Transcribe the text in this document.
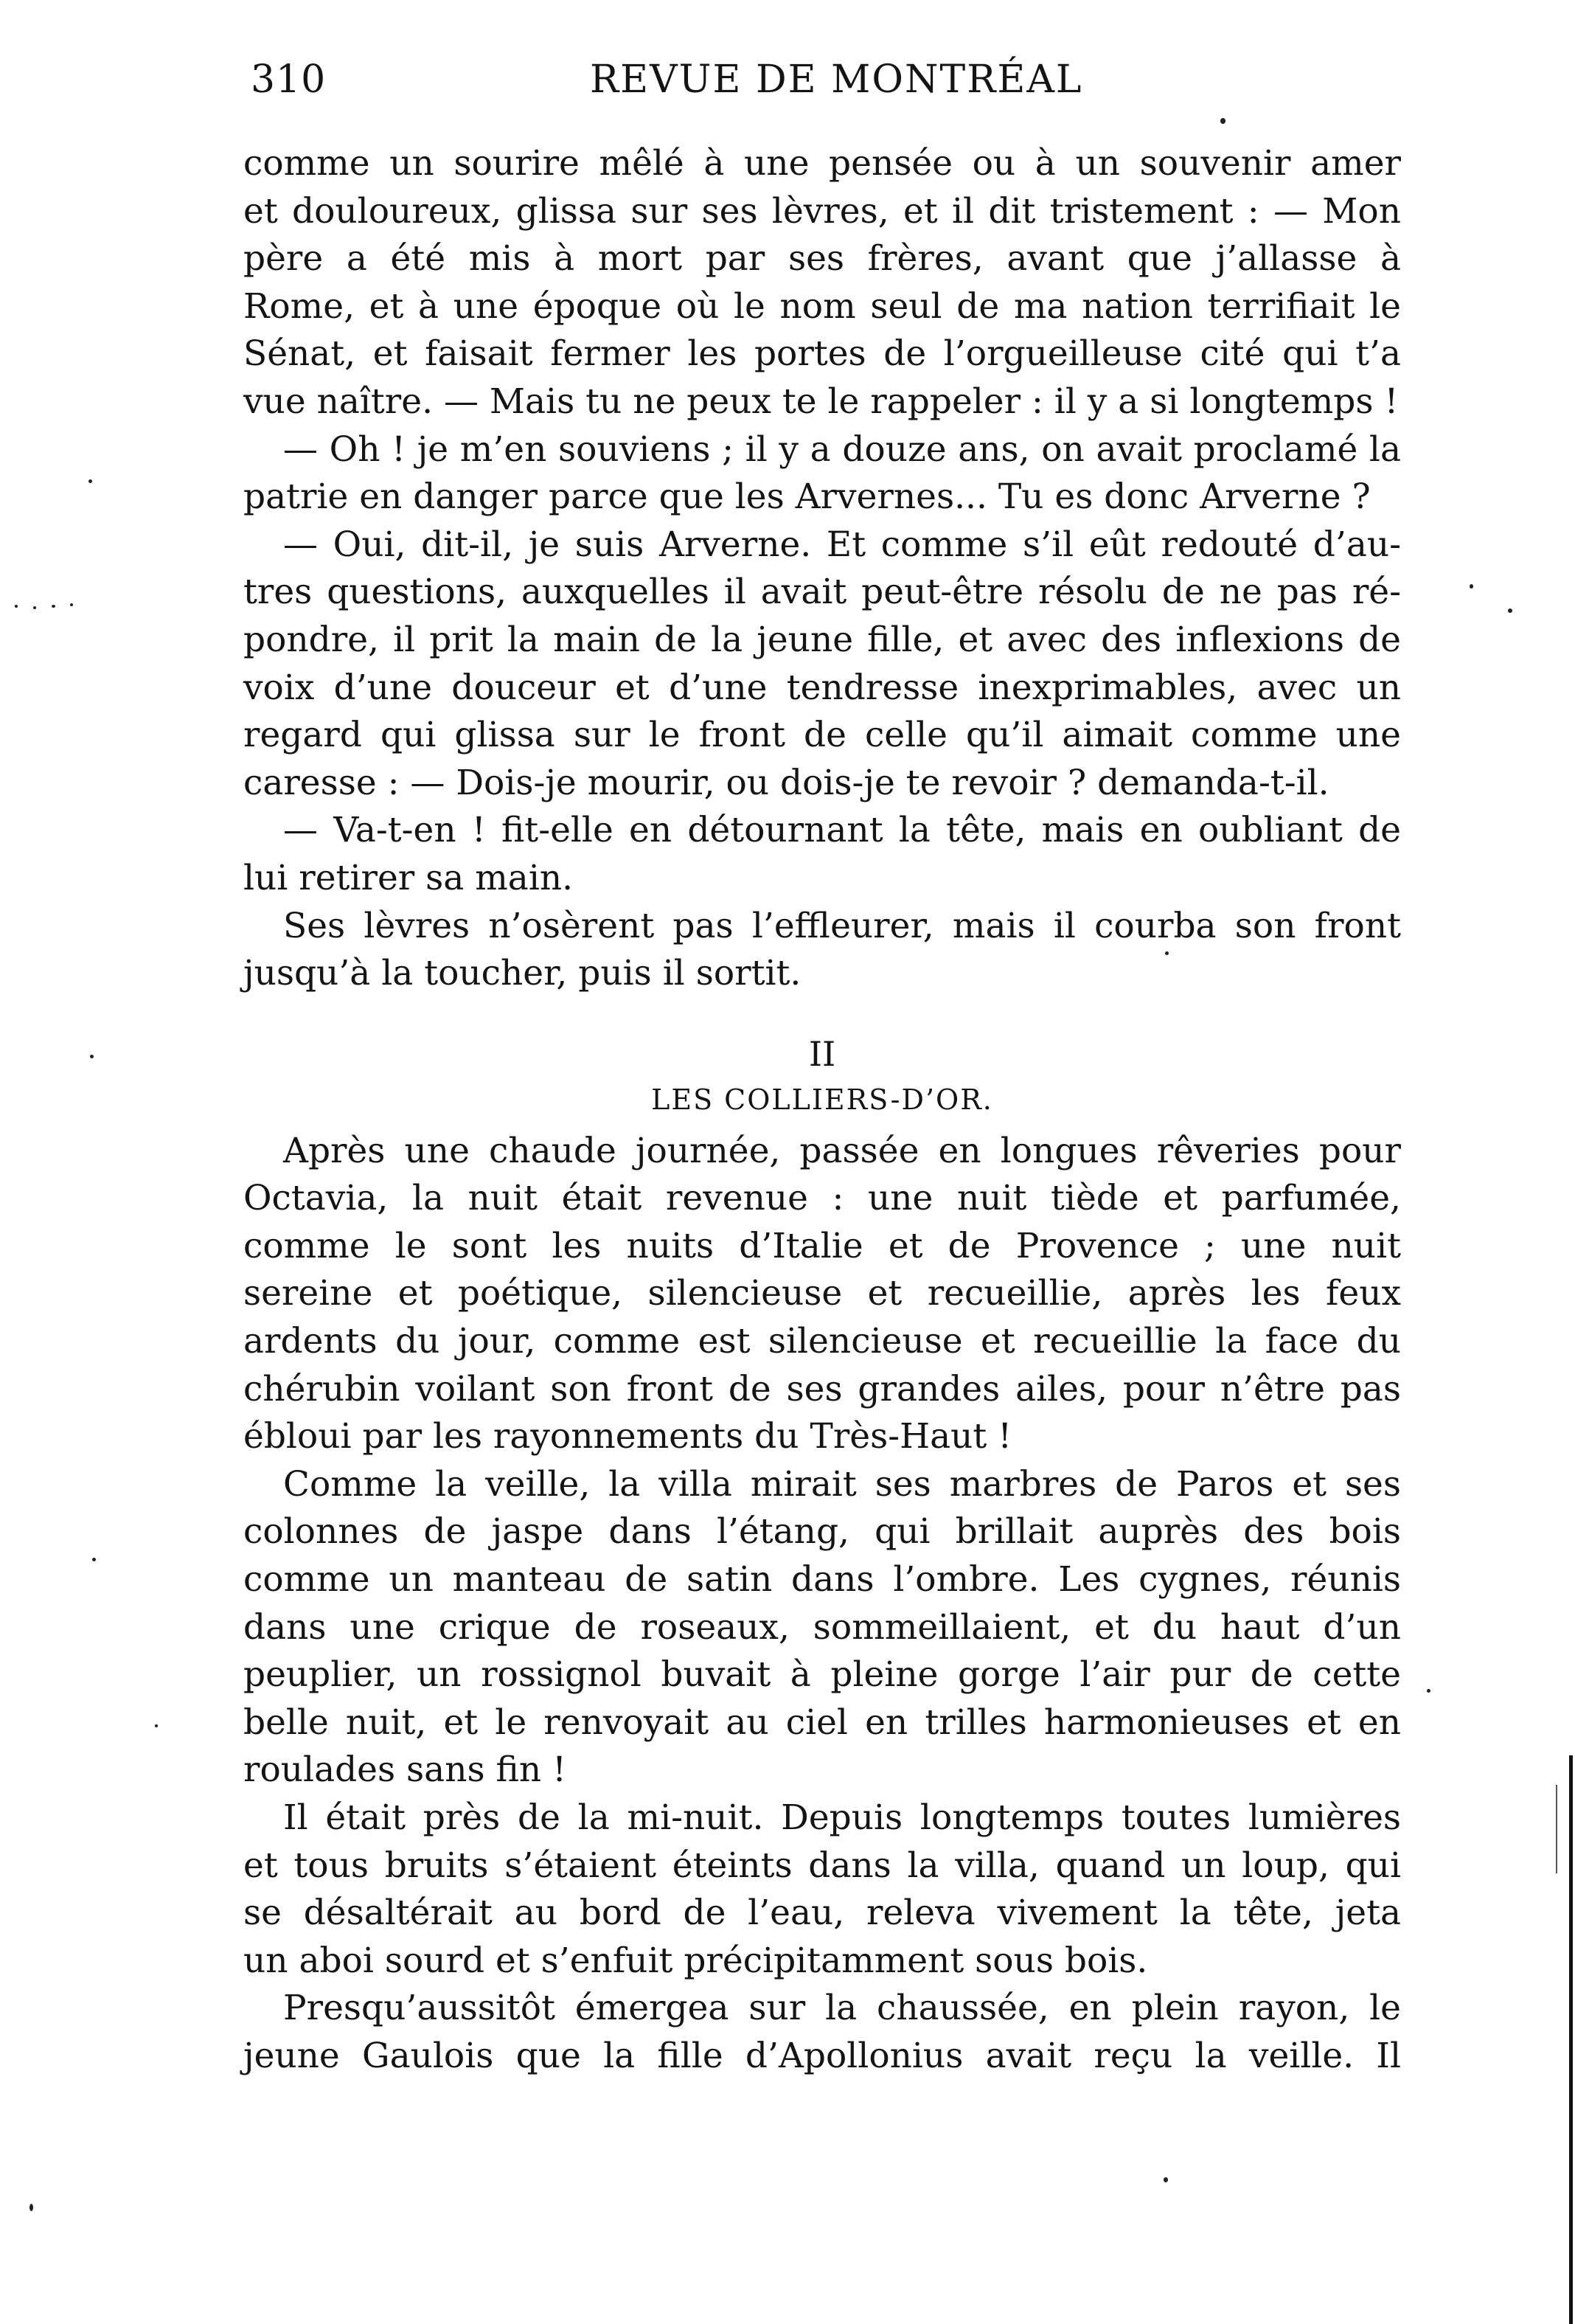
310	REVUE DE MONTRÉAL
comme un sourire mêlé à une pensée ou à un souvenir amer
et douloureux, glissa sur ses lèvres, et il dit tristement : — Mon
père a été mis à mort par ses frères, avant que j’allasse à
Rome, et à une époque où le nom seul de ma nation terrifiait le
Sénat, et faisait fermer les portes de l’orgueilleuse cité qui t’a
vue naître. — Mais tu ne peux te le rappeler : il y a si longtemps !
— Oh ! je m’en souviens ; il y a douze ans, on avait proclamé la
patrie en danger parce que les Arvernes... Tu es donc Arverne ?
— Oui, dit-il, je suis Arverne. Et comme s’il eût redouté d’au-
tres questions, auxquelles il avait peut-être résolu de ne pas ré-
pondre, il prit la main de la jeune fille, et avec des inflexions de
voix d’une douceur et d’une tendresse inexprimables, avec un
regard qui glissa sur le front de celle qu’il aimait comme une
caresse : — Dois-je mourir, ou dois-je te revoir ? demanda-t-il.
— Va-t-en ! fit-elle en détournant la tête, mais en oubliant de
lui retirer sa main.
Ses lèvres n’osèrent pas l’effleurer, mais il courba son front
jusqu’à la toucher, puis il sortit.
II
LES COLLIERS-D’OR.
Après une chaude journée, passée en longues rêveries pour
Octavia, la nuit était revenue : une nuit tiède et parfumée,
comme le sont les nuits d’Italie et de Provence ; une nuit
sereine et poétique, silencieuse et recueillie, après les feux
ardents du jour, comme est silencieuse et recueillie la face du
chérubin voilant son front de ses grandes ailes, pour n’être pas
ébloui par les rayonnements du Très-Haut !
Comme la veille, la villa mirait ses marbres de Paros et ses
colonnes de jaspe dans l’étang, qui brillait auprès des bois
comme un manteau de satin dans l’ombre. Les cygnes, réunis
dans une crique de roseaux, sommeillaient, et du haut d’un
peuplier, un rossignol buvait à pleine gorge l’air pur de cette
belle nuit, et le renvoyait au ciel en trilles harmonieuses et en
roulades sans fin !
Il était près de la mi-nuit. Depuis longtemps toutes lumières
et tous bruits s’étaient éteints dans la villa, quand un loup, qui
se désaltérait au bord de l’eau, releva vivement la tête, jeta
un aboi sourd et s’enfuit précipitamment sous bois.
Presqu’aussitôt émergea sur la chaussée, en plein rayon, le
jeune Gaulois que la fille d’Apollonius avait reçu la veille. Il
